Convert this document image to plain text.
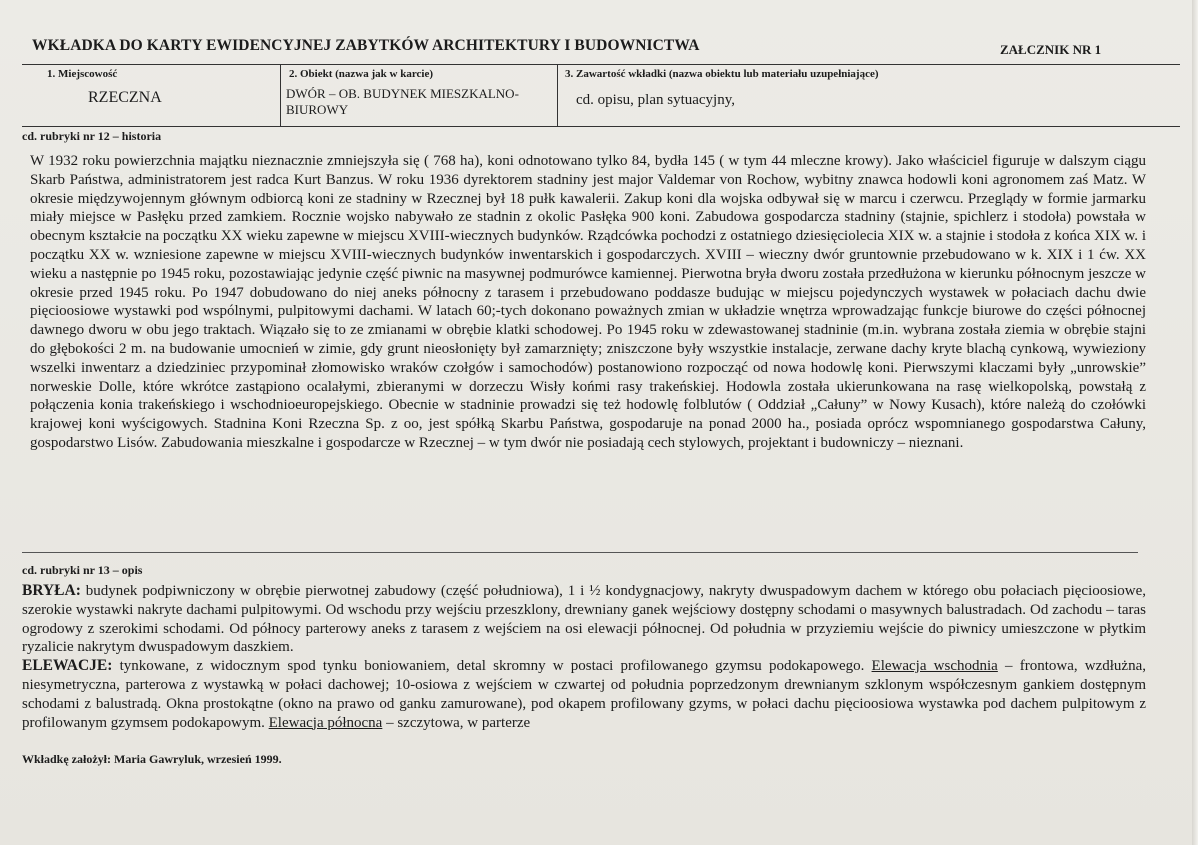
WKŁADKA DO KARTY EWIDENCYJNEJ ZABYTKÓW ARCHITEKTURY I BUDOWNICTWA	ZAŁCZNIK NR 1
1. Miejscowość
RZECZNA
2. Obiekt (nazwa jak w karcie)
DWÓR – OB. BUDYNEK MIESZKALNO-
BIUROWY
3. Zawartość wkładki (nazwa obiektu lub materiału uzupełniające)
cd. opisu, plan sytuacyjny,
cd. rubryki nr 12 – historia

W 1932 roku powierzchnia majątku nieznacznie zmniejszyła się ( 768 ha), koni odnotowano tylko 84, bydła 145 ( w tym 44 mleczne krowy). Jako właściciel figuruje w dalszym ciągu Skarb Państwa, administratorem jest radca Kurt Banzus. W roku 1936 dyrektorem stadniny jest major Valdemar von Rochow, wybitny znawca hodowli koni agronomem zaś Matz. W okresie międzywojennym głównym odbiorcą koni ze stadniny w Rzecznej był 18 pułk kawalerii. Zakup koni dla wojska odbywał się w marcu i czerwcu. Przeglądy w formie jarmarku miały miejsce w Pasłęku przed zamkiem. Rocznie wojsko nabywało ze stadnin z okolic Pasłęka 900 koni. Zabudowa gospodarcza stadniny (stajnie, spichlerz i stodoła) powstała w obecnym kształcie na początku XX wieku zapewne w miejscu XVIII-wiecznych budynków. Rządcówka pochodzi z ostatniego dziesięciolecia XIX w. a stajnie i stodoła z końca XIX w. i początku XX w. wzniesione zapewne w miejscu XVIII-wiecznych budynków inwentarskich i gospodarczych. XVIII – wieczny dwór gruntownie przebudowano w k. XIX i 1 ćw. XX wieku a następnie po 1945 roku, pozostawiając jedynie część piwnic na masywnej podmurówce kamiennej. Pierwotna bryła dworu została przedłużona w kierunku północnym jeszcze w okresie przed 1945 roku. Po 1947 dobudowano do niej aneks północny z tarasem i przebudowano poddasze budując w miejscu pojedynczych wystawek w połaciach dachu dwie pięcioosiowe wystawki pod wspólnymi, pulpitowymi dachami. W latach 60;-tych dokonano poważnych zmian w układzie wnętrza wprowadzając funkcje biurowe do części północnej dawnego dworu w obu jego traktach. Wiązało się to ze zmianami w obrębie klatki schodowej. Po 1945 roku w zdewastowanej stadninie (m.in. wybrana została ziemia w obrębie stajni do głębokości 2 m. na budowanie umocnień w zimie, gdy grunt nieosłonięty był zamarznięty; zniszczone były wszystkie instalacje, zerwane dachy kryte blachą cynkową, wywieziony wszelki inwentarz a dziedziniec przypominał złomowisko wraków czołgów i samochodów) postanowiono rozpocząć od nowa hodowlę koni. Pierwszymi klaczami były „unrowskie” norweskie Dolle, które wkrótce zastąpiono ocalałymi, zbieranymi w dorzeczu Wisły końmi rasy trakeńskiej. Hodowla została ukierunkowana na rasę wielkopolską, powstałą z połączenia konia trakeńskiego i wschodnioeuropejskiego. Obecnie w stadninie prowadzi się też hodowlę folblutów ( Oddział „Całuny” w Nowy Kusach), które należą do czołówki krajowej koni wyścigowych. Stadnina Koni Rzeczna Sp. z oo, jest spółką Skarbu Państwa, gospodaruje na ponad 2000 ha., posiada oprócz wspomnianego gospodarstwa Całuny, gospodarstwo Lisów. Zabudowania mieszkalne i gospodarcze w Rzecznej – w tym dwór nie posiadają cech stylowych, projektant i budowniczy – nieznani.

cd. rubryki nr 13 – opis

BRYŁA: budynek podpiwniczony w obrębie pierwotnej zabudowy (część południowa), 1 i ½ kondygnacjowy, nakryty dwuspadowym dachem w którego obu połaciach pięcioosiowe, szerokie wystawki nakryte dachami pulpitowymi. Od wschodu przy wejściu przeszklony, drewniany ganek wejściowy dostępny schodami o masywnych balustradach. Od zachodu – taras ogrodowy z szerokimi schodami. Od północy parterowy aneks z tarasem z wejściem na osi elewacji północnej. Od południa w przyziemiu wejście do piwnicy umieszczone w płytkim ryzalicie nakrytym dwuspadowym daszkiem.

ELEWACJE: tynkowane, z widocznym spod tynku boniowaniem, detal skromny w postaci profilowanego gzymsu podokapowego. Elewacja wschodnia – frontowa, wzdłużna, niesymetryczna, parterowa z wystawką w połaci dachowej; 10-osiowa z wejściem w czwartej od południa poprzedzonym drewnianym szklonym współczesnym gankiem dostępnym schodami z balustradą. Okna prostokątne (okno na prawo od ganku zamurowane), pod okapem profilowany gzyms, w połaci dachu pięcioosiowa wystawka pod dachem pulpitowym z profilowanym gzymsem podokapowym. Elewacja północna – szczytowa, w parterze

Wkładkę założył: Maria Gawryluk, wrzesień 1999.
